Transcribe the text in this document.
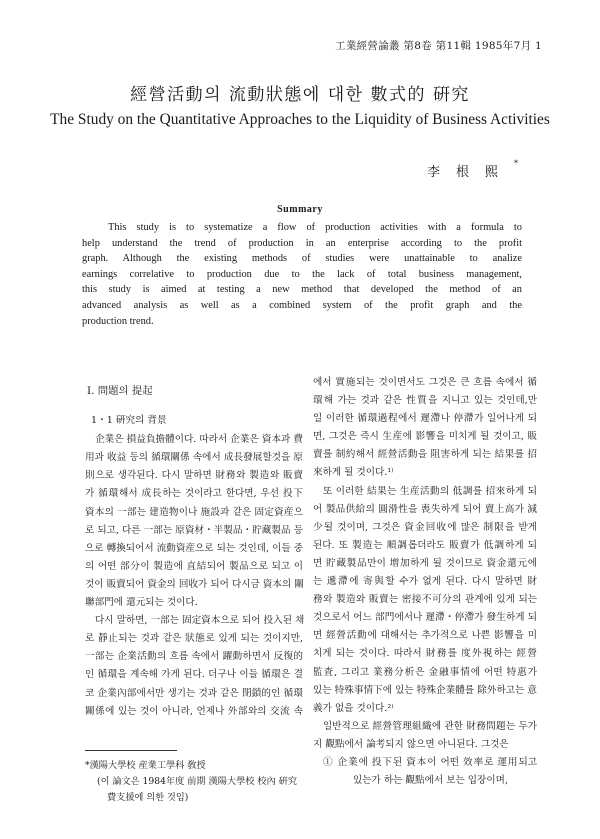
工業經營論叢 第8卷 第11輯 1985年7月 1
經營活動의 流動狀態에 대한 數式的 硏究
The Study on the Quantitative Approaches to the Liquidity of Business Activities
李根熙*
Summary
This study is to systematize a flow of production activities with a formula to
help understand the trend of production in an enterprise according to the profit
graph. Although the existing methods of studies were unattainable to analize
earnings correlative to production due to the lack of total business management,
this study is aimed at testing a new method that developed the method of an
advanced analysis as well as a combined system of the profit graph and the
production trend.
I. 問題의 提起
1・1 硏究의 背景
企業은 損益負擔體이다. 따라서 企業은 資本과 費
用과 收益 등의 循環關係 속에서 成長發展할것을 原
則으로 생각된다. 다시 말하면 財務와 製造와 販賣
가 循環해서 成長하는 것이라고 한다면, 우선 投下
資本의 一部는 建造物이나 施設과 같은 固定資産으
로 되고, 다른 一部는 原資材・半製品・貯藏製品 등
으로 轉換되어서 流動資産으로 되는 것인데, 이들 중
의 어떤 部分이 製造에 直結되어 製品으로 되고 이
것이 販賣되어 資金의 回收가 되어 다시금 資本의 關
聯部門에 還元되는 것이다.
다시 말하면, 一部는 固定資本으로 되어 投入된 채
로 靜止되는 것과 같은 狀態로 있게 되는 것이지만,
一部는 企業活動의 흐름 속에서 躍動하면서 反復的
인 循環을 계속해 가게 된다. 더구나 이들 循環은 결
코 企業內部에서만 생기는 것과 같은 閉鎖的인 循環
關係에 있는 것이 아니라, 언제나 外部와의 交流 속
에서 實施되는 것이면서도 그것은 큰 흐름 속에서 循
環해 가는 것과 같은 性質을 지니고 있는 것인데,만
일 이러한 循環過程에서 遲滯나 停滯가 일어나게 되
면, 그것은 즉시 生産에 影響을 미치게 될 것이고, 販
賣를 制約해서 經營活動을 阻害하게 되는 結果를 招
來하게 될 것이다.¹⁾
또 이러한 結果는 生産活動의 低調를 招來하게 되
어 製品供給의 圓滑性을 喪失하게 되어 賣上高가 減
少될 것이며, 그것은 資金回收에 많은 制限을 받게
된다. 또 製造는 順調롭더라도 販賣가 低調하게 되
면 貯藏製品만이 增加하게 될 것이므로 資金還元에
는 遞滯에 寄與할 수가 없게 된다. 다시 말하면 財
務와 製造와 販賣는 密接不可分의 관계에 있게 되는
것으로서 어느 部門에서나 遲滯・停滯가 發生하게 되
면 經營活動에 대해서는 추가적으로 나쁜 影響을 미
치게 되는 것이다. 따라서 財務를 度外視하는 經營
監査, 그리고 業務分析은 金融事情에 어떤 特惠가
있는 特殊事情下에 있는 特殊企業體를 除外하고는 意
義가 없을 것이다.²⁾
일반적으로 經營管理組織에 관한 財務問題는 두가
지 觀點에서 論考되지 않으면 아니된다. 그것은
① 企業에 投下된 資本이 어떤 效率로 運用되고
있는가 하는 觀點에서 보는 입장이며,
*漢陽大學校 産業工學科 敎授
(이 論文은 1984年度 前期 漢陽大學校 校內 硏究
費支援에 의한 것임)
